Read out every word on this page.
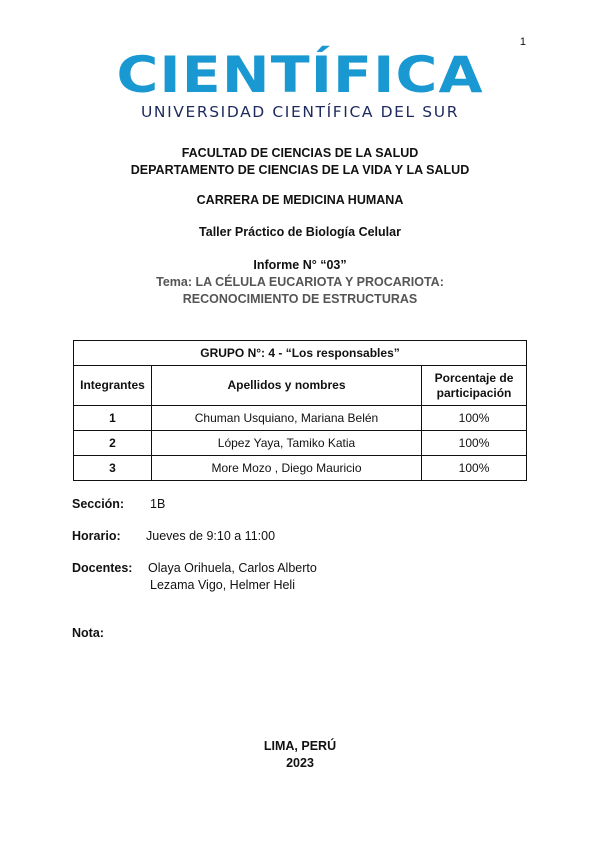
1
CIENTÍFICA
UNIVERSIDAD CIENTÍFICA DEL SUR
FACULTAD DE CIENCIAS DE LA SALUD
DEPARTAMENTO DE CIENCIAS DE LA VIDA Y LA SALUD
CARRERA DE MEDICINA HUMANA
Taller Práctico de Biología Celular
Informe N° “03”
Tema: LA CÉLULA EUCARIOTA Y PROCARIOTA: RECONOCIMIENTO DE ESTRUCTURAS
GRUPO N°: 4 - “Los responsables”		
Integrantes	Apellidos y nombres	Porcentaje de participación
1	Chuman Usquiano, Mariana Belén	100%
2	López Yaya, Tamiko Katia	100%
3	More Mozo , Diego Mauricio	100%
Sección: 1B
Horario: Jueves de 9:10 a 11:00
Docentes: Olaya Orihuela, Carlos Alberto
Lezama Vigo, Helmer Heli
Nota:
LIMA, PERÚ
2023
